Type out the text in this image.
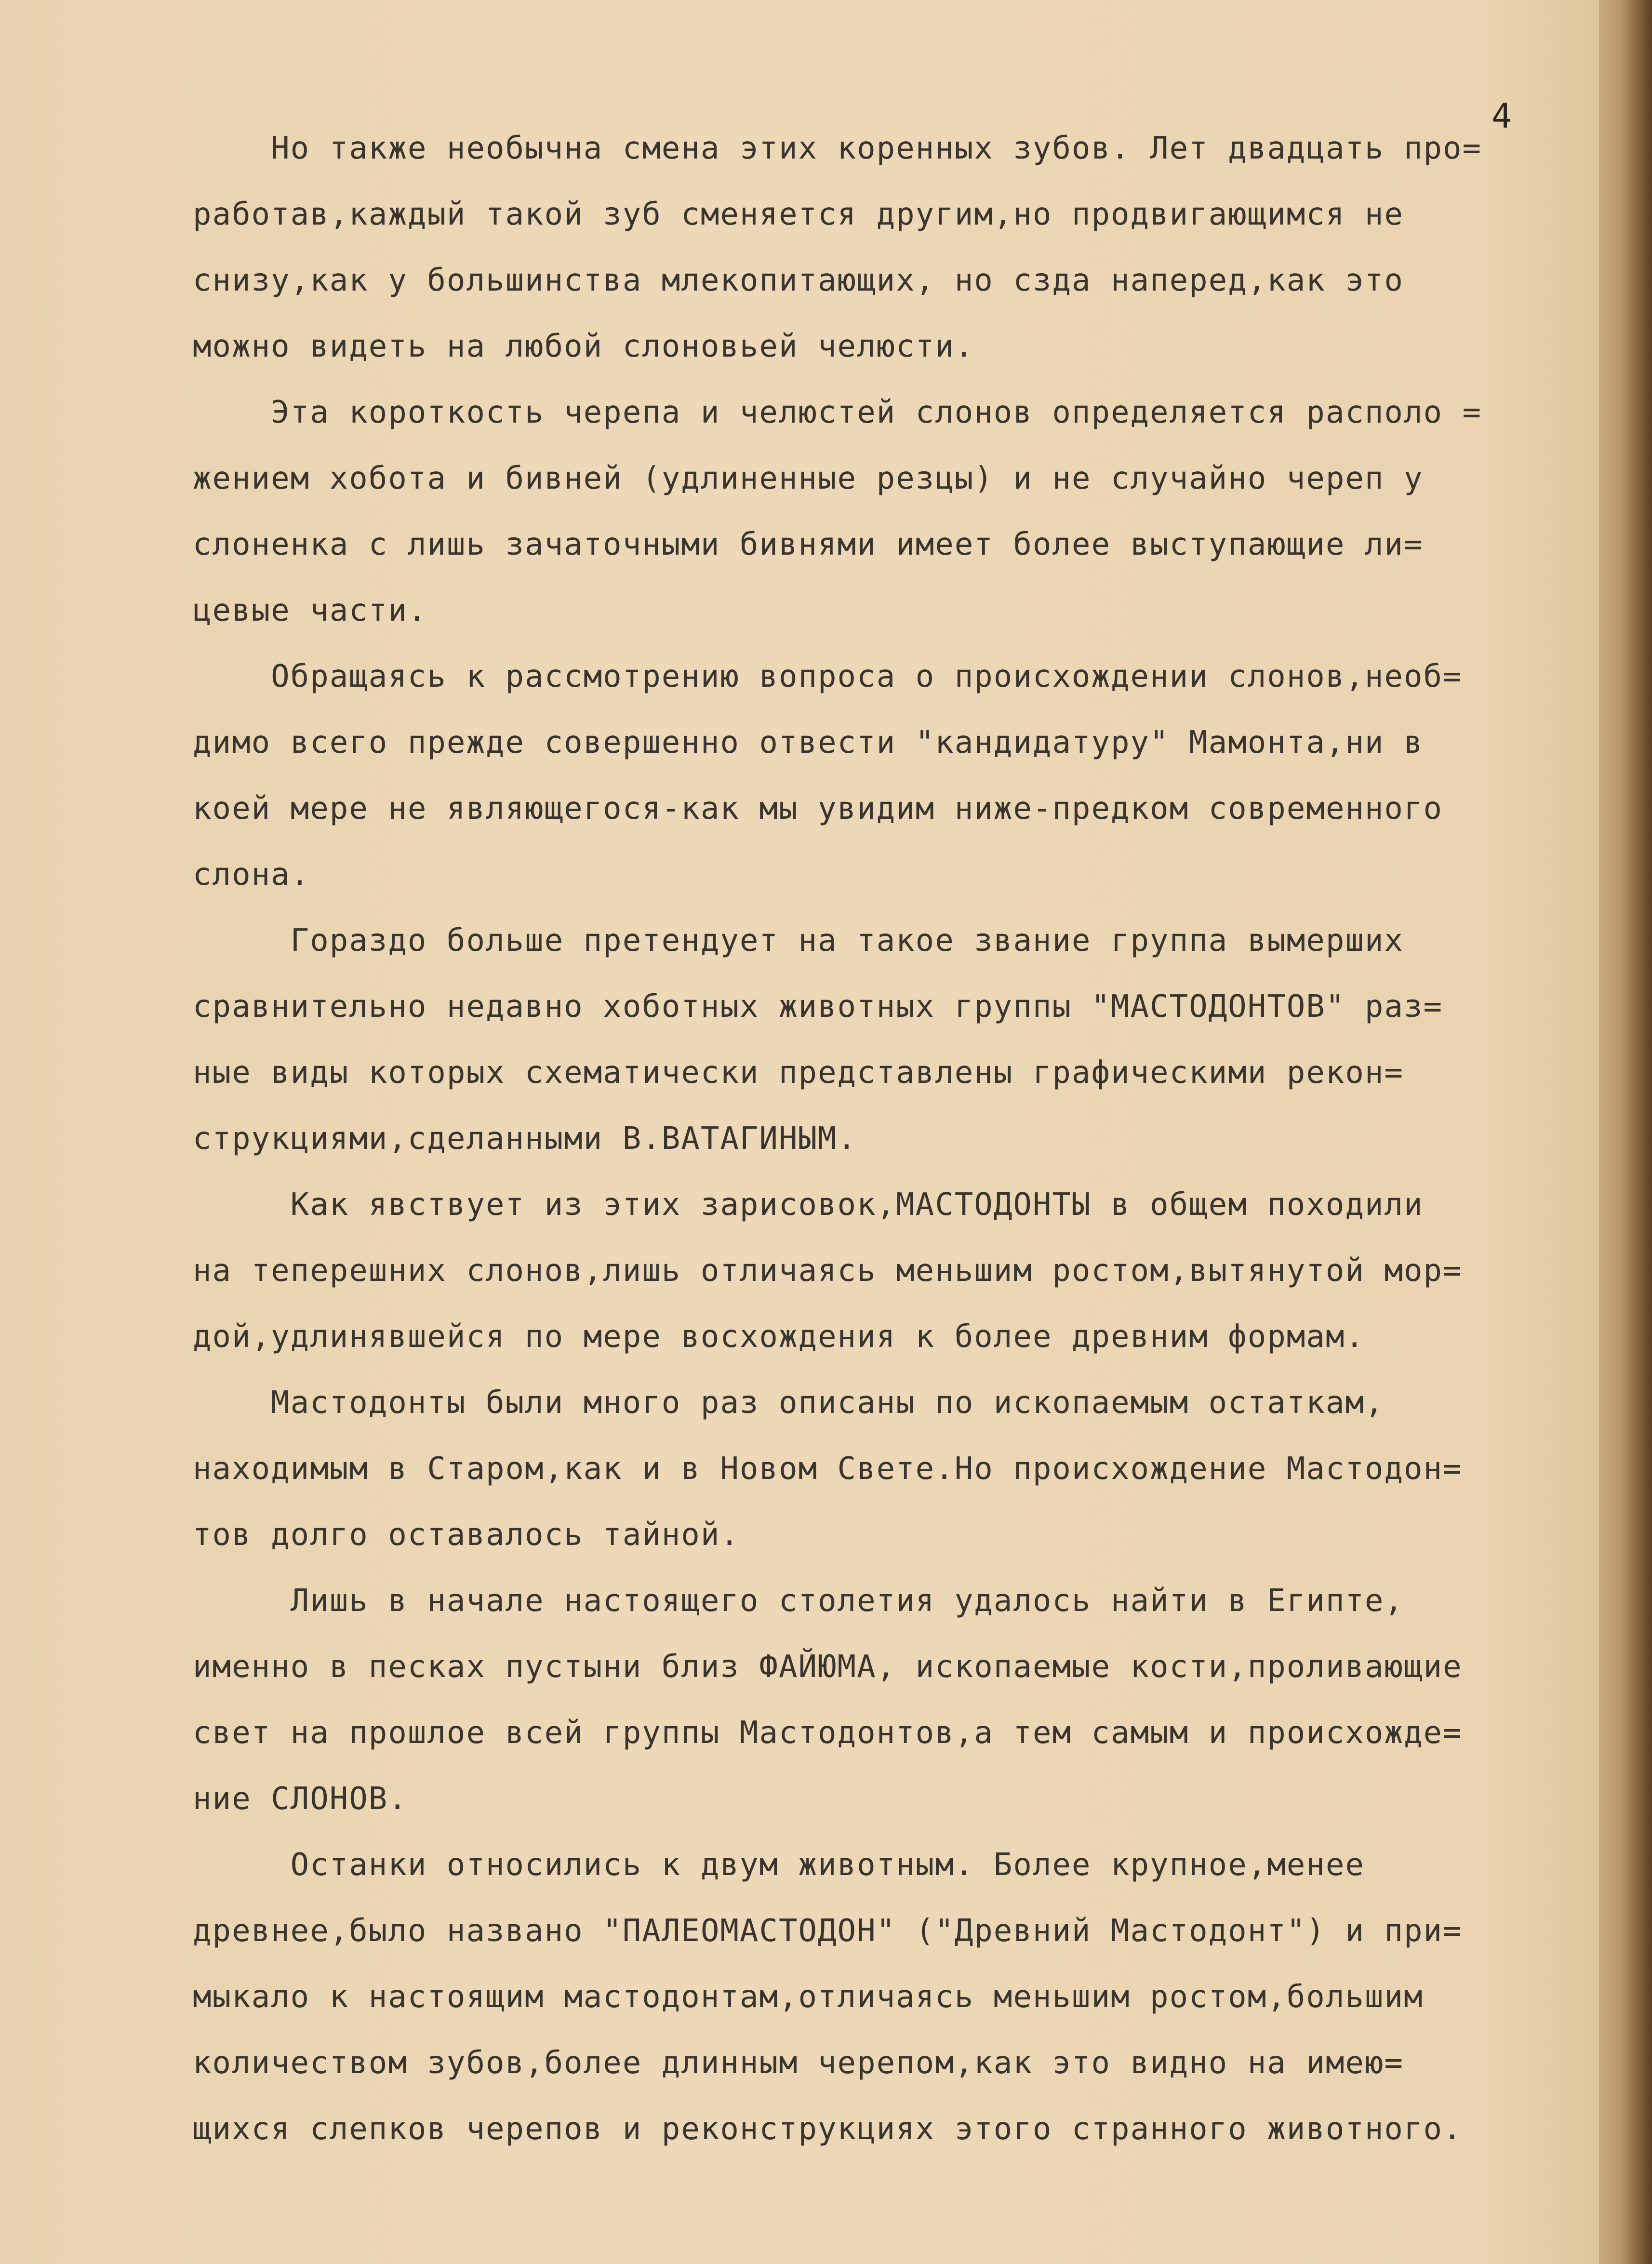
4
Но также необычна смена этих коренных зубов. Лет двадцать про=
работав,каждый такой зуб сменяется другим,но продвигающимся не
снизу,как у большинства млекопитающих, но сзда наперед,как это
можно видеть на любой слоновьей челюсти.
Эта короткость черепа и челюстей слонов определяется располо =
жением хобота и бивней (удлиненные резцы) и не случайно череп у
слоненка с лишь зачаточными бивнями имеет более выступающие ли=
цевые части.
Обращаясь к рассмотрению вопроса о происхождении слонов,необ=
димо всего прежде совершенно отвести "кандидатуру" Мамонта,ни в
коей мере не являющегося-как мы увидим ниже-предком современного
слона.
Гораздо больше претендует на такое звание группа вымерших
сравнительно недавно хоботных животных группы "МАСТОДОНТОВ" раз=
ные виды которых схематически представлены графическими рекон=
струкциями,сделанными В.ВАТАГИНЫМ.
Как явствует из этих зарисовок,МАСТОДОНТЫ в общем походили
на теперешних слонов,лишь отличаясь меньшим ростом,вытянутой мор=
дой,удлинявшейся по мере восхождения к более древним формам.
Мастодонты были много раз описаны по ископаемым остаткам,
находимым в Старом,как и в Новом Свете.Но происхождение Мастодон=
тов долго оставалось тайной.
Лишь в начале настоящего столетия удалось найти в Египте,
именно в песках пустыни близ ФАЙЮМА, ископаемые кости,проливающие
свет на прошлое всей группы Мастодонтов,а тем самым и происхожде=
ние СЛОНОВ.
Останки относились к двум животным. Более крупное,менее
древнее,было названо "ПАЛЕОМАСТОДОН" ("Древний Мастодонт") и при=
мыкало к настоящим мастодонтам,отличаясь меньшим ростом,большим
количеством зубов,более длинным черепом,как это видно на имею=
щихся слепков черепов и реконструкциях этого странного животного.
